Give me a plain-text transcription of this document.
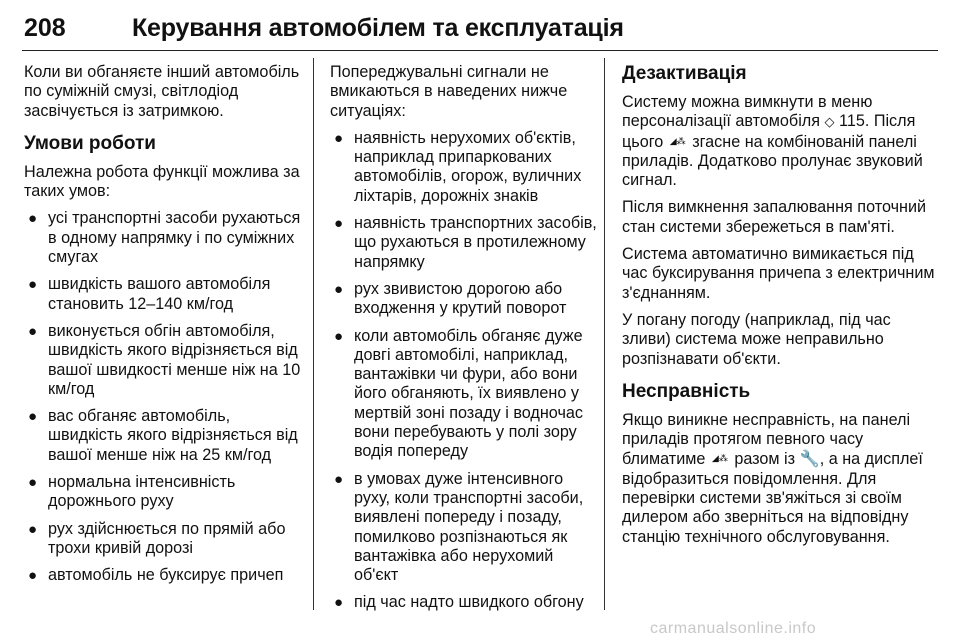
208	Керування автомобілем та експлуатація

Коли ви обганяєте інший автомобіль по суміжній смузі, світлодіод засвічується із затримкою.

Умови роботи

Належна робота функції можлива за таких умов:

● усі транспортні засоби рухаються в одному напрямку і по суміжних смугах
● швидкість вашого автомобіля становить 12–140 км/год
● виконується обгін автомобіля, швидкість якого відрізняється від вашої швидкості менше ніж на 10 км/год
● вас обганяє автомобіль, швидкість якого відрізняється від вашої менше ніж на 25 км/год
● нормальна інтенсивність дорожнього руху
● рух здійснюється по прямій або трохи кривій дорозі
● автомобіль не буксирує причеп

Попереджувальні сигнали не вмикаються в наведених нижче ситуаціях:

● наявність нерухомих об'єктів, наприклад припаркованих автомобілів, огорож, вуличних ліхтарів, дорожніх знаків
● наявність транспортних засобів, що рухаються в протилежному напрямку
● рух звивистою дорогою або входження у крутий поворот
● коли автомобіль обганяє дуже довгі автомобілі, наприклад, вантажівки чи фури, або вони його обганяють, їх виявлено у мертвій зоні позаду і водночас вони перебувають у полі зору водія попереду
● в умовах дуже інтенсивного руху, коли транспортні засоби, виявлені попереду і позаду, помилково розпізнаються як вантажівка або нерухомий об'єкт
● під час надто швидкого обгону
Дезактивація

Систему можна вимкнути в меню персоналізації автомобіля ◇ 115. Після цього ◢⁂ згасне на комбінованій панелі приладів. Додатково пролунає звуковий сигнал.

Після вимкнення запалювання поточний стан системи збережеться в пам'яті.

Система автоматично вимикається під час буксирування причепа з електричним з'єднанням.

У погану погоду (наприклад, під час зливи) система може неправильно розпізнавати об'єкти.

Несправність

Якщо виникне несправність, на панелі приладів протягом певного часу блиматиме ◢⁂ разом із 🔧, а на дисплеї відобразиться повідомлення. Для перевірки системи зв'яжіться зі своїм дилером або зверніться на відповідну станцію технічного обслуговування.

carmanualsonline.info
